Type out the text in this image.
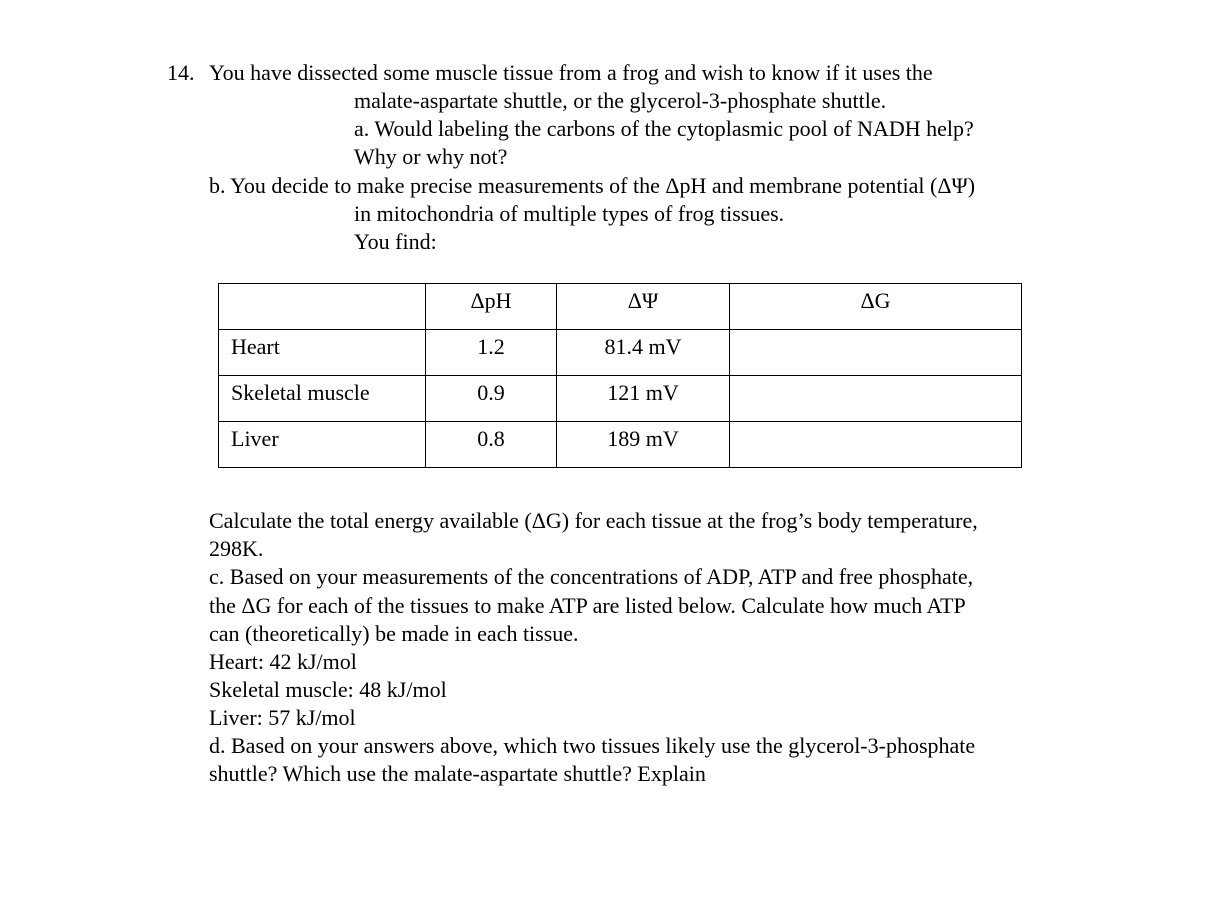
14. You have dissected some muscle tissue from a frog and wish to know if it uses the
malate-aspartate shuttle, or the glycerol-3-phosphate shuttle.
a. Would labeling the carbons of the cytoplasmic pool of NADH help?
Why or why not?
b. You decide to make precise measurements of the ΔpH and membrane potential (ΔΨ)
in mitochondria of multiple types of frog tissues.
You find:

	ΔpH	ΔΨ	ΔG

Heart	1.2	81.4 mV	

Skeletal muscle	0.9	121 mV	

Liver	0.8	189 mV	

Calculate the total energy available (ΔG) for each tissue at the frog’s body temperature,
298K.
c. Based on your measurements of the concentrations of ADP, ATP and free phosphate,
the ΔG for each of the tissues to make ATP are listed below. Calculate how much ATP
can (theoretically) be made in each tissue.
Heart: 42 kJ/mol
Skeletal muscle: 48 kJ/mol
Liver: 57 kJ/mol
d. Based on your answers above, which two tissues likely use the glycerol-3-phosphate
shuttle? Which use the malate-aspartate shuttle? Explain
